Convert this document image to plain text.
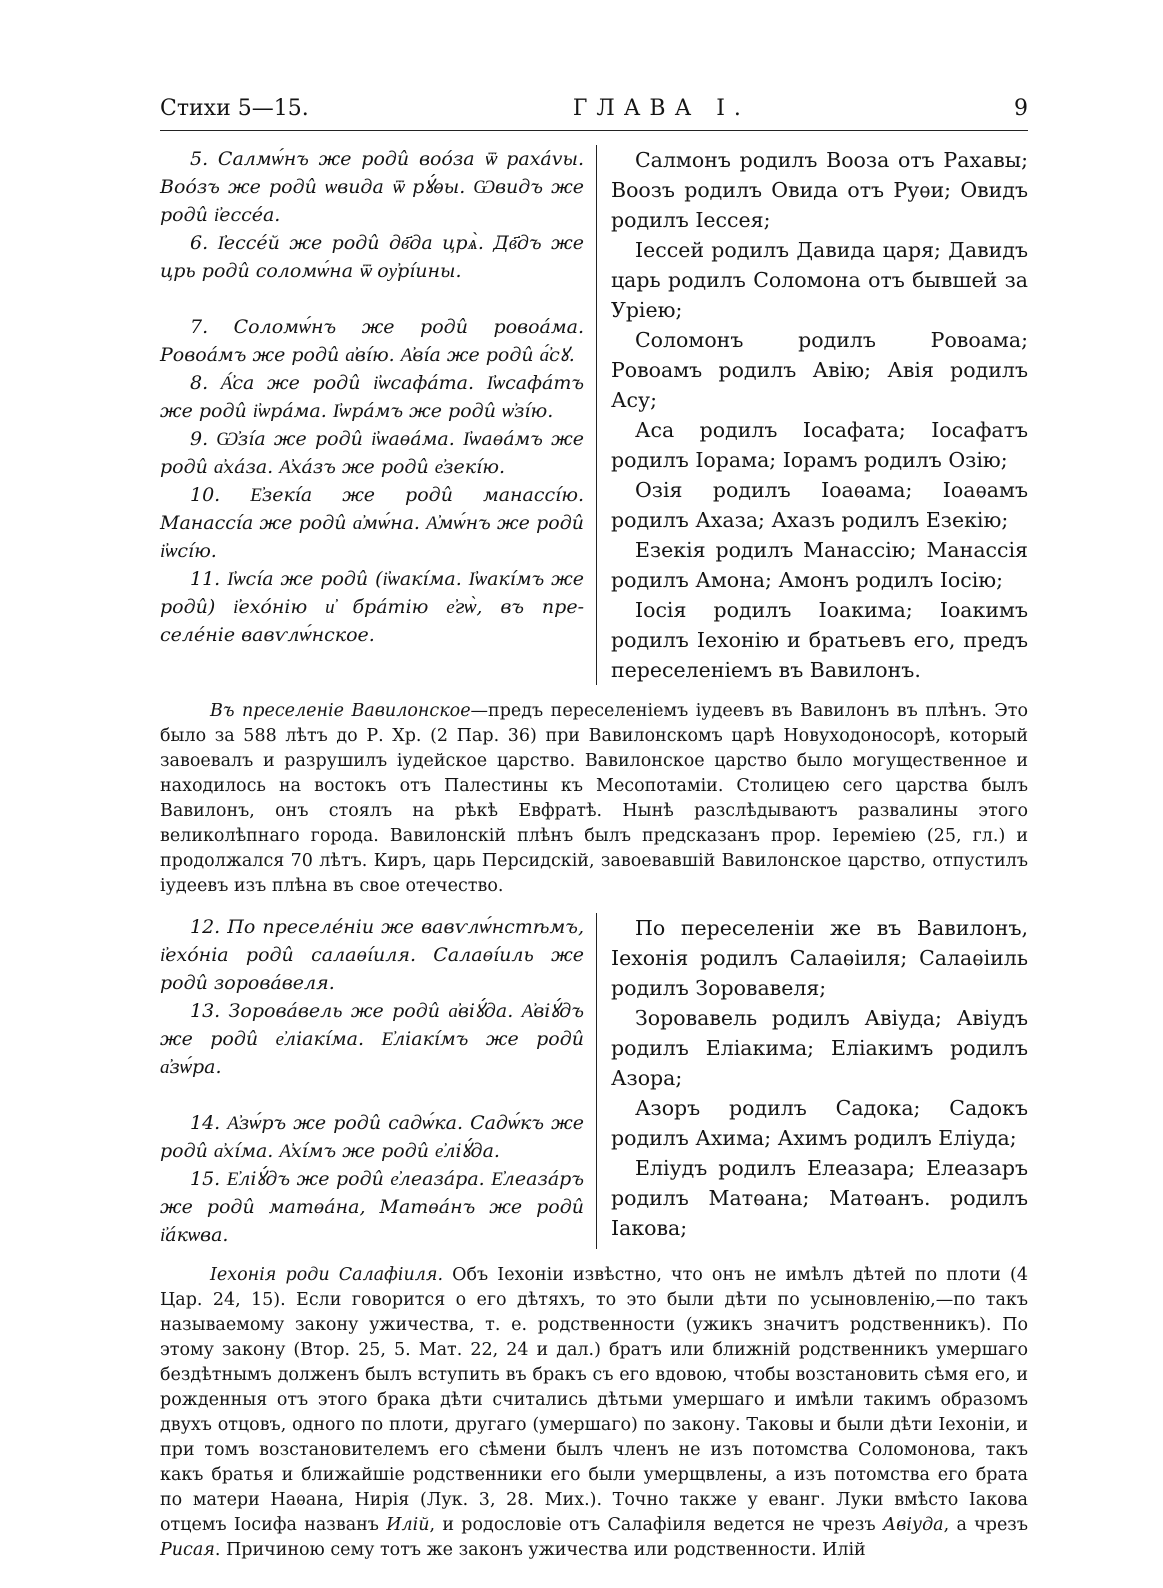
Стихи 5—15.	ГЛАВА I.	9

5. Салмѡ́нъ же роди̂ воо́за ѿ рахávы. Воо́зъ же роди̂ ѡвида ѿ рꙋ́ѳы. Ѡвидъ же роди̂ і҆ессéа.

6. І҆ессéй же роди̂ дв҃да црѧ̀. Дв҃дъ же црь роди̂ соломѡ́на ѿ оу҆рі́ины.

7. Соломѡ́нъ же роди̂ ровоáма. Ровоáмъ же роди̂ а҆вíю. А҆вíа же роди̂ а҆́сꙋ.

8. А҆́са же роди̂ і҆ѡсафáта. І҆ѡсафáтъ же роди̂ і҆ѡрáма. І҆ѡрáмъ же роди̂ ѡ҆зі́ю.

9. Ѡ҆зíа же роди̂ і҆ѡаѳáма. І҆ѡаѳáмъ же роди̂ а҆хáза. А҆хáзъ же роди̂ е҆зекі́ю.

10. Е҆зекíа же роди̂ манассі́ю. Манассíа же роди̂ а҆мѡ́на. А҆мѡ́нъ же роди̂ і҆ѡсі́ю.

11. І҆ѡсíа же роди̂ (і҆ѡакíма. І҆ѡакíмъ же роди̂) і҆ехóнію и҆ бра́тію е҆гѡ̀, въ пре-селе́ніе вавѵлѡ́нское.

Салмонъ родилъ Вооза отъ Рахавы; Воозъ родилъ Овида отъ Руѳи; Овидъ родилъ Іессея;

Іессей родилъ Давида царя; Давидъ царь родилъ Соломона отъ бывшей за Урiею;

Соломонъ родилъ Ровоама; Ровоамъ родилъ Авію; Авія родилъ Асу;

Аса родилъ Іосафата; Іосафатъ родилъ Іорама; Іорамъ родилъ Озію;

Озія родилъ Іоаѳама; Іоаѳамъ родилъ Ахаза; Ахазъ родилъ Езекію;

Езекія родилъ Манассію; Манассія родилъ Амона; Амонъ родилъ Іосію;

Іосія родилъ Іоакима; Іоакимъ родилъ Іехонію и братьевъ его, предъ переселеніемъ въ Вавилонъ.

Въ преселеніе Вавилонское—предъ переселеніемъ іудеевъ въ Вавилонъ въ плѣнъ. Это было за 588 лѣтъ до Р. Хр. (2 Пар. 36) при Вавилонскомъ царѣ Новуходоносорѣ, который завоевалъ и разрушилъ іудейское царство. Вавилонское царство было могущественное и находилось на востокъ отъ Палестины къ Месопотаміи. Столицею сего царства былъ Вавилонъ, онъ стоялъ на рѣкѣ Евфратѣ. Нынѣ разслѣдываютъ развалины этого великолѣпнаго города. Вавилонскій плѣнъ былъ предсказанъ прор. Іереміею (25, гл.) и продолжался 70 лѣтъ. Киръ, царь Персидскій, завоевавшій Вавилонское царство, отпустилъ іудеевъ изъ плѣна въ свое отечество.

12. По преселе́ніи же вавѵлѡ́нстѣмъ, і҆ехóніа роди̂ салаѳі́иля. Салаѳі́иль же роди̂ зорова́веля.

13. Зорова́вель же роди̂ а҆віꙋ́да. А҆віꙋ́дъ же роди̂ е҆ліакі́ма. Е҆ліакі́мъ же роди̂ а҆зѡ́ра.

14. А҆зѡ́ръ же роди̂ садѡ́ка. Садѡ́къ же роди̂ а҆хі́ма. А҆хі́мъ же роди̂ е҆ліꙋ́да.

15. Е҆ліꙋ́дъ же роди̂ е҆леаза́ра. Е҆леаза́ръ же роди̂ матѳа́на, Матѳа́нъ же роди̂ і҆а́кѡва.

По переселеніи же въ Вавилонъ, Іехонія родилъ Салаѳіиля; Салаѳіиль родилъ Зоровавеля;

Зоровавель родилъ Авіуда; Авіудъ родилъ Еліакима; Еліакимъ родилъ Азора;

Азоръ родилъ Садока; Садокъ родилъ Ахима; Ахимъ родилъ Еліуда;

Еліудъ родилъ Елеазара; Елеазаръ родилъ Матѳана; Матѳанъ. родилъ Іакова;

Іехонія роди Салафіиля. Объ Іехоніи извѣстно, что онъ не имѣлъ дѣтей по плоти (4 Цар. 24, 15). Если говорится о его дѣтяхъ, то это были дѣти по усыновленію,—по такъ называемому закону ужичества, т. е. родственности (ужикъ значитъ родственникъ). По этому закону (Втор. 25, 5. Мат. 22, 24 и дал.) братъ или ближній родственникъ умершаго бездѣтнымъ долженъ былъ вступить въ бракъ съ его вдовою, чтобы возстановить сѣмя его, и рожденныя отъ этого брака дѣти считались дѣтьми умершаго и имѣли такимъ образомъ двухъ отцовъ, одного по плоти, другаго (умершаго) по закону. Таковы и были дѣти Іехоніи, и при томъ возстановителемъ его сѣмени былъ членъ не изъ потомства Соломонова, такъ какъ братья и ближайшіе родственники его были умерщвлены, а изъ потомства его брата по матери Наѳана, Нирія (Лук. 3, 28. Мих.). Точно также у еванг. Луки вмѣсто Іакова отцемъ Іосифа названъ Илій, и родословіе отъ Салафіиля ведется не чрезъ Авіуда, а чрезъ Рисая. Причиною сему тотъ же законъ ужичества или родственности. Илій
